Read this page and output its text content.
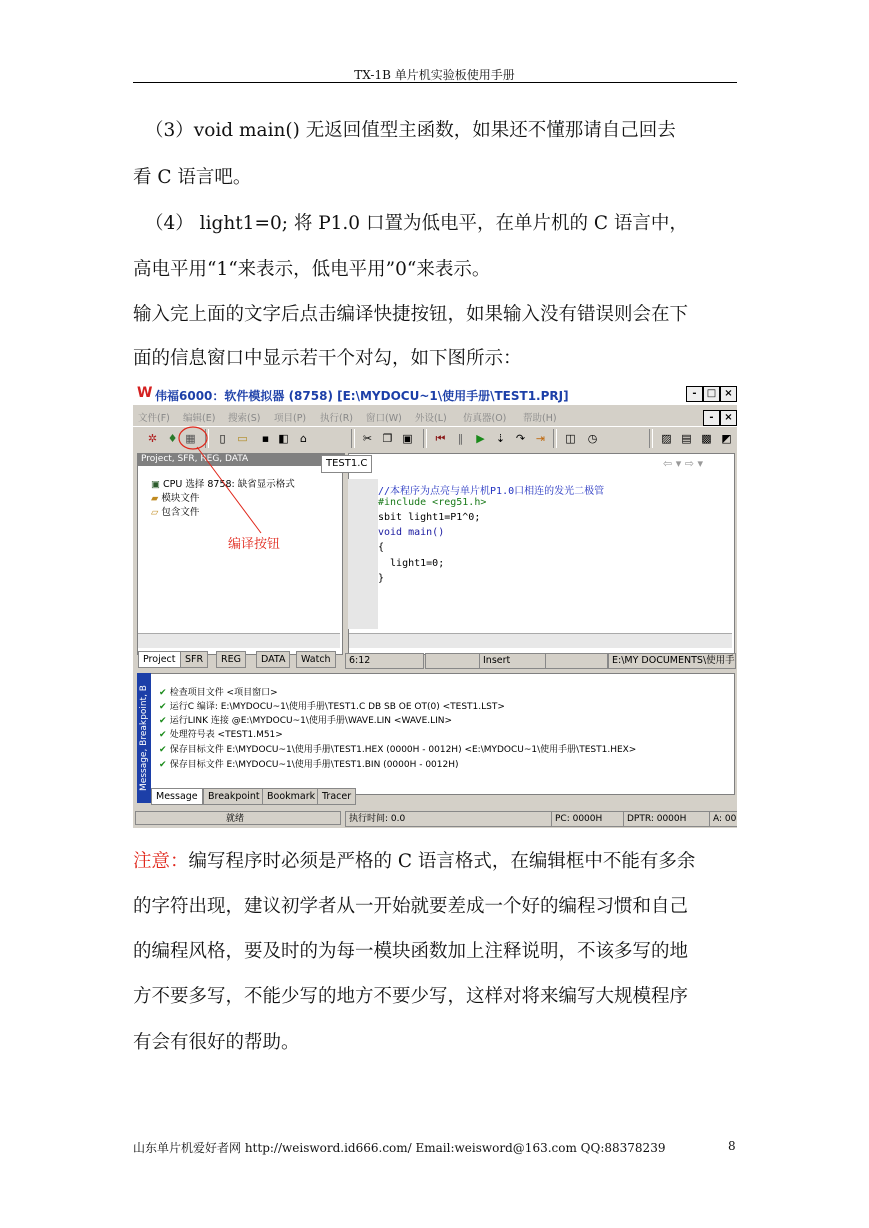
TX-1B 单片机实验板使用手册
（3）void main() 无返回值型主函数，如果还不懂那请自己回去
看 C 语言吧。
（4） light1=0; 将 P1.0 口置为低电平，在单片机的 C 语言中，
高电平用“1“来表示，低电平用”0“来表示。
输入完上面的文字后点击编译快捷按钮，如果输入没有错误则会在下
面的信息窗口中显示若干个对勾，如下图所示：
W 伟福6000：软件模拟器 (8758) [E:\MYDOCU~1\使用手册\TEST1.PRJ]	-	□ ×
文件(F) 编辑(E) 搜索(S) 项目(P) 执行(R) 窗口(W) 外设(L) 仿真器(O) 帮助(H)	-	×
✲ ♦ ▦	▯	▭	▪ ◧	⌂	✂ ❐ ▣ ⏮	‖	▶ ⇣ ↷ ⇥ ◫ ◷	▨ ▤ ▩ ◩
Project, SFR, REG, DATA
▣ CPU 选择 8758: 缺省显示格式
▰ 模块文件
▱ 包含文件
编译按钮
Project SFR	REG	DATA	Watch
TEST1.C	⇦ ▾ ⇨ ▾
//本程序为点亮与单片机P1.0口相连的发光二极管
#include <reg51.h>
sbit light1=P1^0;
void main()
{
light1=0;
}
6:12	Insert	E:\MY DOCUMENTS\使用手
Message, Breakpoint, B ✔ 检查项目文件 <项目窗口>
✔ 运行C 编译: E:\MYDOCU~1\使用手册\TEST1.C DB SB OE OT(0) <TEST1.LST>
✔ 运行LINK 连接 @E:\MYDOCU~1\使用手册\WAVE.LIN <WAVE.LIN>
✔ 处理符号表 <TEST1.M51>
✔ 保存目标文件 E:\MYDOCU~1\使用手册\TEST1.HEX (0000H - 0012H) <E:\MYDOCU~1\使用手册\TEST1.HEX>
✔ 保存目标文件 E:\MYDOCU~1\使用手册\TEST1.BIN (0000H - 0012H)
Message	Breakpoint Bookmark Tracer
就绪	执行时间: 0.0	PC: 0000H	DPTR: 0000H	A: 00
注意：编写程序时必须是严格的 C 语言格式，在编辑框中不能有多余
的字符出现，建议初学者从一开始就要差成一个好的编程习惯和自己
的编程风格，要及时的为每一模块函数加上注释说明，不该多写的地
方不要多写，不能少写的地方不要少写，这样对将来编写大规模程序
有会有很好的帮助。
山东单片机爱好者网 http://weisword.id666.com/ Email:weisword@163.com QQ:88378239	8
